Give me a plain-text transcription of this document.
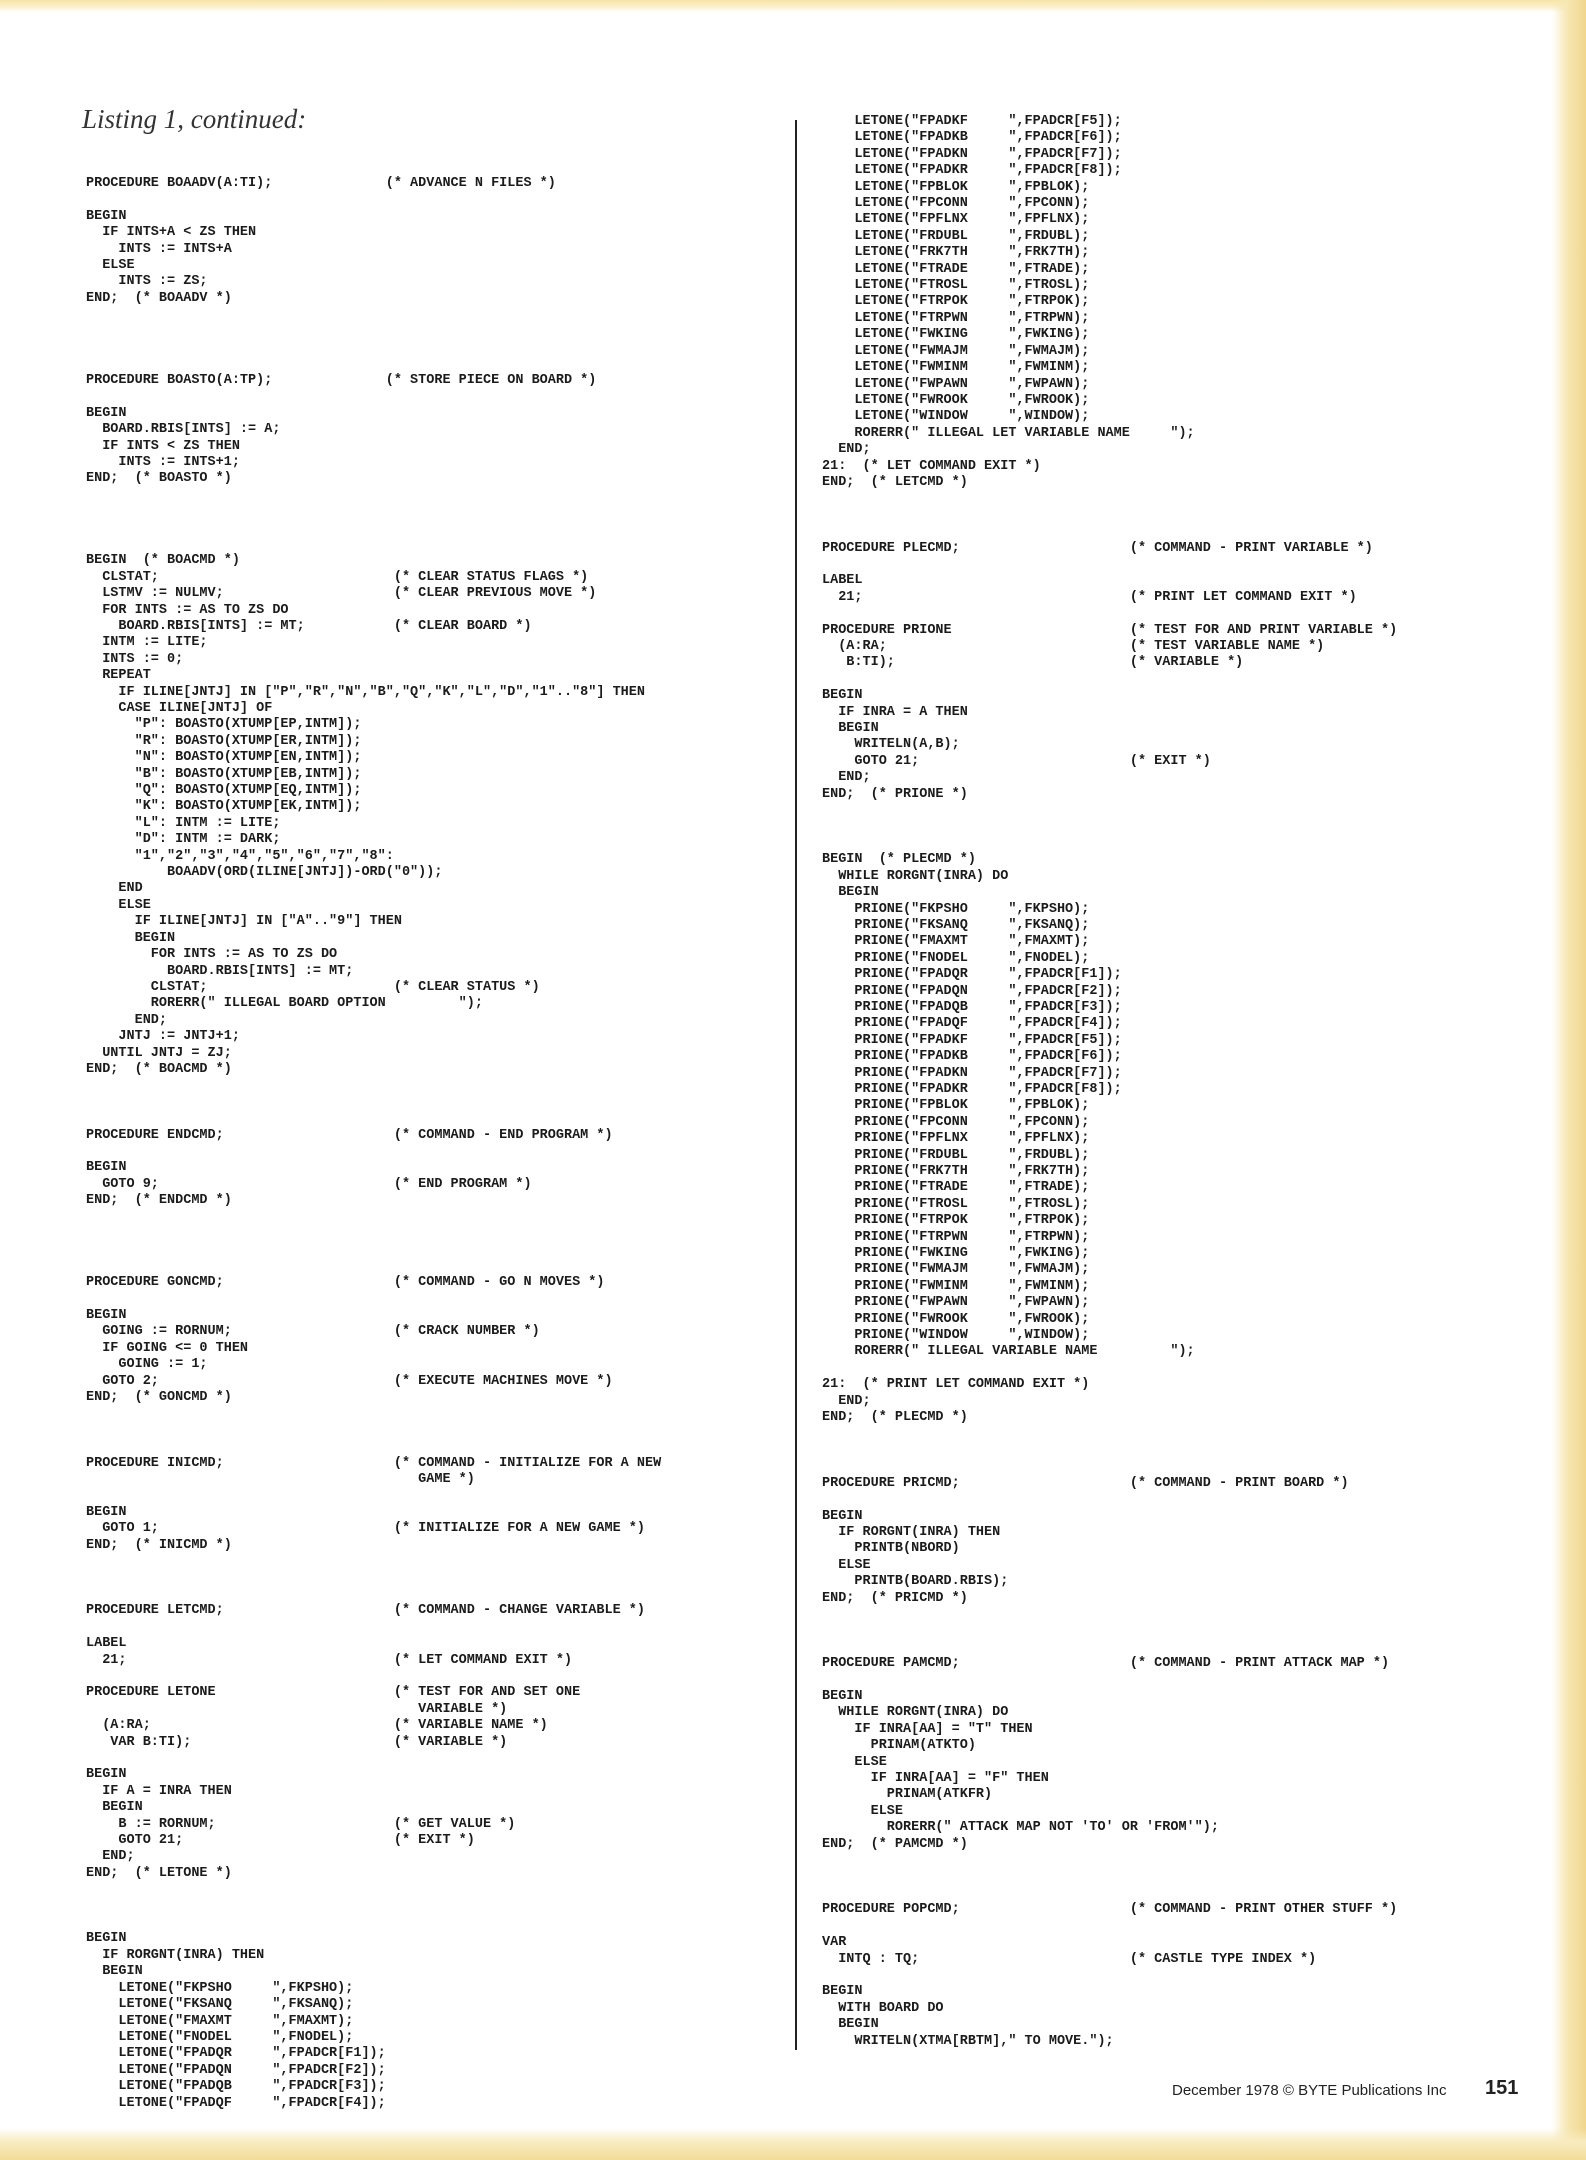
Listing 1, continued:
PROCEDURE BOAADV(A:TI);              (* ADVANCE N FILES *)

BEGIN
IF INTS+A < ZS THEN
INTS := INTS+A
ELSE
INTS := ZS;
END;  (* BOAADV *)

PROCEDURE BOASTO(A:TP);              (* STORE PIECE ON BOARD *)

BEGIN
BOARD.RBIS[INTS] := A;
IF INTS < ZS THEN
INTS := INTS+1;
END;  (* BOASTO *)

BEGIN  (* BOACMD *)
CLSTAT;                             (* CLEAR STATUS FLAGS *)
LSTMV := NULMV;                     (* CLEAR PREVIOUS MOVE *)
FOR INTS := AS TO ZS DO
BOARD.RBIS[INTS] := MT;           (* CLEAR BOARD *)
INTM := LITE;
INTS := 0;
REPEAT
IF ILINE[JNTJ] IN ["P","R","N","B","Q","K","L","D","1".."8"] THEN
CASE ILINE[JNTJ] OF
"P": BOASTO(XTUMP[EP,INTM]);
"R": BOASTO(XTUMP[ER,INTM]);
"N": BOASTO(XTUMP[EN,INTM]);
"B": BOASTO(XTUMP[EB,INTM]);
"Q": BOASTO(XTUMP[EQ,INTM]);
"K": BOASTO(XTUMP[EK,INTM]);
"L": INTM := LITE;
"D": INTM := DARK;
"1","2","3","4","5","6","7","8":
BOAADV(ORD(ILINE[JNTJ])-ORD("0"));
END
ELSE
IF ILINE[JNTJ] IN ["A".."9"] THEN
BEGIN
FOR INTS := AS TO ZS DO
BOARD.RBIS[INTS] := MT;
CLSTAT;                       (* CLEAR STATUS *)
RORERR(" ILLEGAL BOARD OPTION         ");
END;
JNTJ := JNTJ+1;
UNTIL JNTJ = ZJ;
END;  (* BOACMD *)

PROCEDURE ENDCMD;                     (* COMMAND - END PROGRAM *)

BEGIN
GOTO 9;                             (* END PROGRAM *)
END;  (* ENDCMD *)

PROCEDURE GONCMD;                     (* COMMAND - GO N MOVES *)

BEGIN
GOING := RORNUM;                    (* CRACK NUMBER *)
IF GOING <= 0 THEN
GOING := 1;
GOTO 2;                             (* EXECUTE MACHINES MOVE *)
END;  (* GONCMD *)

PROCEDURE INICMD;                     (* COMMAND - INITIALIZE FOR A NEW
GAME *)

BEGIN
GOTO 1;                             (* INITIALIZE FOR A NEW GAME *)
END;  (* INICMD *)

PROCEDURE LETCMD;                     (* COMMAND - CHANGE VARIABLE *)

LABEL
21;                                 (* LET COMMAND EXIT *)

PROCEDURE LETONE                      (* TEST FOR AND SET ONE
VARIABLE *)
(A:RA;                              (* VARIABLE NAME *)
VAR B:TI);                         (* VARIABLE *)

BEGIN
IF A = INRA THEN
BEGIN
B := RORNUM;                      (* GET VALUE *)
GOTO 21;                          (* EXIT *)
END;
END;  (* LETONE *)

BEGIN
IF RORGNT(INRA) THEN
BEGIN
LETONE("FKPSHO     ",FKPSHO);
LETONE("FKSANQ     ",FKSANQ);
LETONE("FMAXMT     ",FMAXMT);
LETONE("FNODEL     ",FNODEL);
LETONE("FPADQR     ",FPADCR[F1]);
LETONE("FPADQN     ",FPADCR[F2]);
LETONE("FPADQB     ",FPADCR[F3]);
LETONE("FPADQF     ",FPADCR[F4]);
LETONE("FPADKF     ",FPADCR[F5]);
LETONE("FPADKB     ",FPADCR[F6]);
LETONE("FPADKN     ",FPADCR[F7]);
LETONE("FPADKR     ",FPADCR[F8]);
LETONE("FPBLOK     ",FPBLOK);
LETONE("FPCONN     ",FPCONN);
LETONE("FPFLNX     ",FPFLNX);
LETONE("FRDUBL     ",FRDUBL);
LETONE("FRK7TH     ",FRK7TH);
LETONE("FTRADE     ",FTRADE);
LETONE("FTROSL     ",FTROSL);
LETONE("FTRPOK     ",FTRPOK);
LETONE("FTRPWN     ",FTRPWN);
LETONE("FWKING     ",FWKING);
LETONE("FWMAJM     ",FWMAJM);
LETONE("FWMINM     ",FWMINM);
LETONE("FWPAWN     ",FWPAWN);
LETONE("FWROOK     ",FWROOK);
LETONE("WINDOW     ",WINDOW);
RORERR(" ILLEGAL LET VARIABLE NAME     ");
END;
21:  (* LET COMMAND EXIT *)
END;  (* LETCMD *)

PROCEDURE PLECMD;                     (* COMMAND - PRINT VARIABLE *)

LABEL
21;                                 (* PRINT LET COMMAND EXIT *)

PROCEDURE PRIONE                      (* TEST FOR AND PRINT VARIABLE *)
(A:RA;                              (* TEST VARIABLE NAME *)
B:TI);                             (* VARIABLE *)

BEGIN
IF INRA = A THEN
BEGIN
WRITELN(A,B);
GOTO 21;                          (* EXIT *)
END;
END;  (* PRIONE *)

BEGIN  (* PLECMD *)
WHILE RORGNT(INRA) DO
BEGIN
PRIONE("FKPSHO     ",FKPSHO);
PRIONE("FKSANQ     ",FKSANQ);
PRIONE("FMAXMT     ",FMAXMT);
PRIONE("FNODEL     ",FNODEL);
PRIONE("FPADQR     ",FPADCR[F1]);
PRIONE("FPADQN     ",FPADCR[F2]);
PRIONE("FPADQB     ",FPADCR[F3]);
PRIONE("FPADQF     ",FPADCR[F4]);
PRIONE("FPADKF     ",FPADCR[F5]);
PRIONE("FPADKB     ",FPADCR[F6]);
PRIONE("FPADKN     ",FPADCR[F7]);
PRIONE("FPADKR     ",FPADCR[F8]);
PRIONE("FPBLOK     ",FPBLOK);
PRIONE("FPCONN     ",FPCONN);
PRIONE("FPFLNX     ",FPFLNX);
PRIONE("FRDUBL     ",FRDUBL);
PRIONE("FRK7TH     ",FRK7TH);
PRIONE("FTRADE     ",FTRADE);
PRIONE("FTROSL     ",FTROSL);
PRIONE("FTRPOK     ",FTRPOK);
PRIONE("FTRPWN     ",FTRPWN);
PRIONE("FWKING     ",FWKING);
PRIONE("FWMAJM     ",FWMAJM);
PRIONE("FWMINM     ",FWMINM);
PRIONE("FWPAWN     ",FWPAWN);
PRIONE("FWROOK     ",FWROOK);
PRIONE("WINDOW     ",WINDOW);
RORERR(" ILLEGAL VARIABLE NAME         ");

21:  (* PRINT LET COMMAND EXIT *)
END;
END;  (* PLECMD *)

PROCEDURE PRICMD;                     (* COMMAND - PRINT BOARD *)

BEGIN
IF RORGNT(INRA) THEN
PRINTB(NBORD)
ELSE
PRINTB(BOARD.RBIS);
END;  (* PRICMD *)

PROCEDURE PAMCMD;                     (* COMMAND - PRINT ATTACK MAP *)

BEGIN
WHILE RORGNT(INRA) DO
IF INRA[AA] = "T" THEN
PRINAM(ATKTO)
ELSE
IF INRA[AA] = "F" THEN
PRINAM(ATKFR)
ELSE
RORERR(" ATTACK MAP NOT 'TO' OR 'FROM'");
END;  (* PAMCMD *)

PROCEDURE POPCMD;                     (* COMMAND - PRINT OTHER STUFF *)

VAR
INTQ : TQ;                          (* CASTLE TYPE INDEX *)

BEGIN
WITH BOARD DO
BEGIN
WRITELN(XTMA[RBTM]," TO MOVE.");
December 1978 © BYTE Publications Inc 151
